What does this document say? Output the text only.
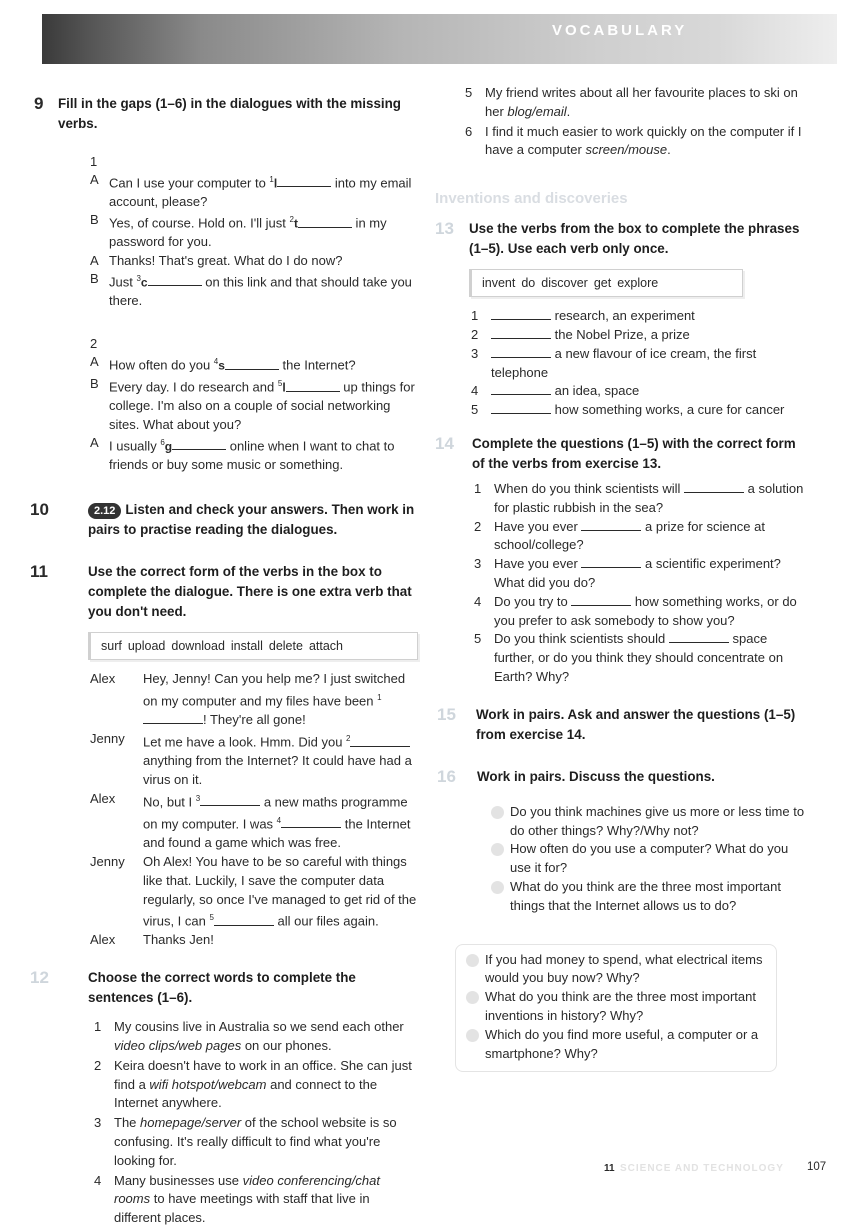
VOCABULARY
9 Fill in the gaps (1–6) in the dialogues with the missing verbs.
1
A Can I use your computer to $^1$l	into my email account, please?
B Yes, of course. Hold on. I'll just $^2$t	in my password for you.
A Thanks! That's great. What do I do now?
B Just $^3$c	on this link and that should take you there.
2
A How often do you $^4$s	the Internet?
B Every day. I do research and $^5$l	up things for college. I'm also on a couple of social networking sites. What about you?
A I usually $^6$g	online when I want to chat to friends or buy some music or something.
10	2.12 Listen and check your answers. Then work in pairs to practise reading the dialogues.
11	Use the correct form of the verbs in the box to complete the dialogue. There is one extra verb that you don't need.
surf upload download install delete attach
Alex	Hey, Jenny! Can you help me? I just switched on my computer and my files have been $^1$! They're all gone!
Jenny	Let me have a look. Hmm. Did you $^2$ anything from the Internet? It could have had a virus on it.
Alex	No, but I $^3$	a new maths programme on my computer. I was $^4$	the Internet and found a game which was free.
Jenny	Oh Alex! You have to be so careful with things like that. Luckily, I save the computer data regularly, so once I've managed to get rid of the virus, I can $^5$	all our files again.
Alex	Thanks Jen!
12	Choose the correct words to complete the sentences (1–6).
1 My cousins live in Australia so we send each other video clips/web pages on our phones.
2 Keira doesn't have to work in an office. She can just find a wifi hotspot/webcam and connect to the Internet anywhere.
3 The homepage/server of the school website is so confusing. It's really difficult to find what you're looking for.
4 Many businesses use video conferencing/chat rooms to have meetings with staff that live in different places.
5 My friend writes about all her favourite places to ski on her blog/email.
6 I find it much easier to work quickly on the computer if I have a computer screen/mouse.
Inventions and discoveries
13	Use the verbs from the box to complete the phrases (1–5). Use each verb only once.
invent do discover get explore
1	research, an experiment
2	the Nobel Prize, a prize
3	a new flavour of ice cream, the first telephone
4	an idea, space
5	how something works, a cure for cancer
14	Complete the questions (1–5) with the correct form of the verbs from exercise 13.
1 When do you think scientists will	a solution for plastic rubbish in the sea?
2 Have you ever	a prize for science at school/college?
3 Have you ever	a scientific experiment? What did you do?
4 Do you try to	how something works, or do you prefer to ask somebody to show you?
5 Do you think scientists should	space further, or do you think they should concentrate on Earth? Why?
15	Work in pairs. Ask and answer the questions (1–5) from exercise 14.
16	Work in pairs. Discuss the questions.
Do you think machines give us more or less time to do other things? Why?/Why not?
How often do you use a computer? What do you use it for?
What do you think are the three most important things that the Internet allows us to do?
If you had money to spend, what electrical items would you buy now? Why?
What do you think are the three most important inventions in history? Why?
Which do you find more useful, a computer or a smartphone? Why?
11 SCIENCE AND TECHNOLOGY 107
